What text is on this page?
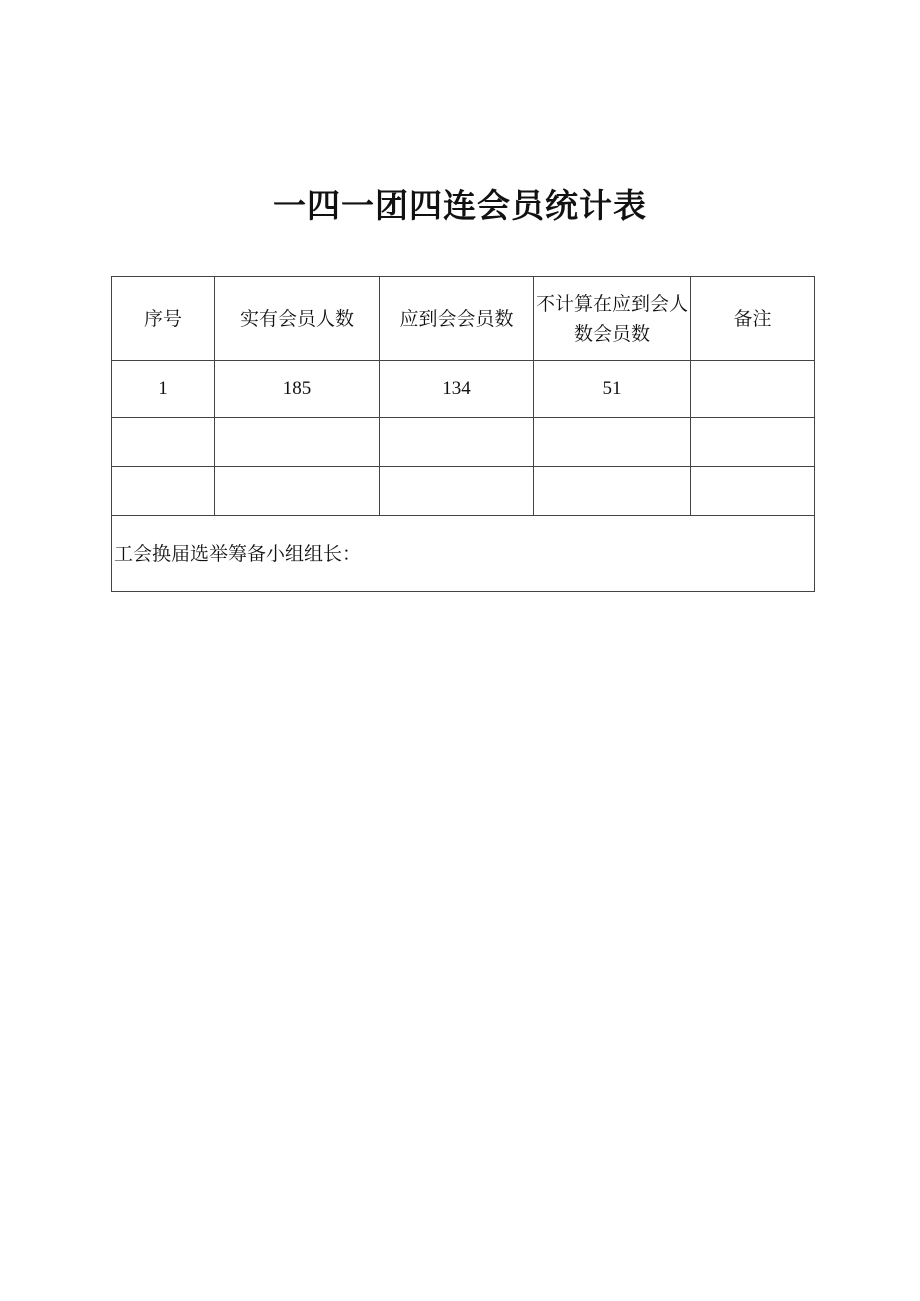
一四一团四连会员统计表
序号	实有会员人数	应到会会员数	不计算在应到会人数会员数	备注
1	185	134	51	

工会换届选举筹备小组组长：				
